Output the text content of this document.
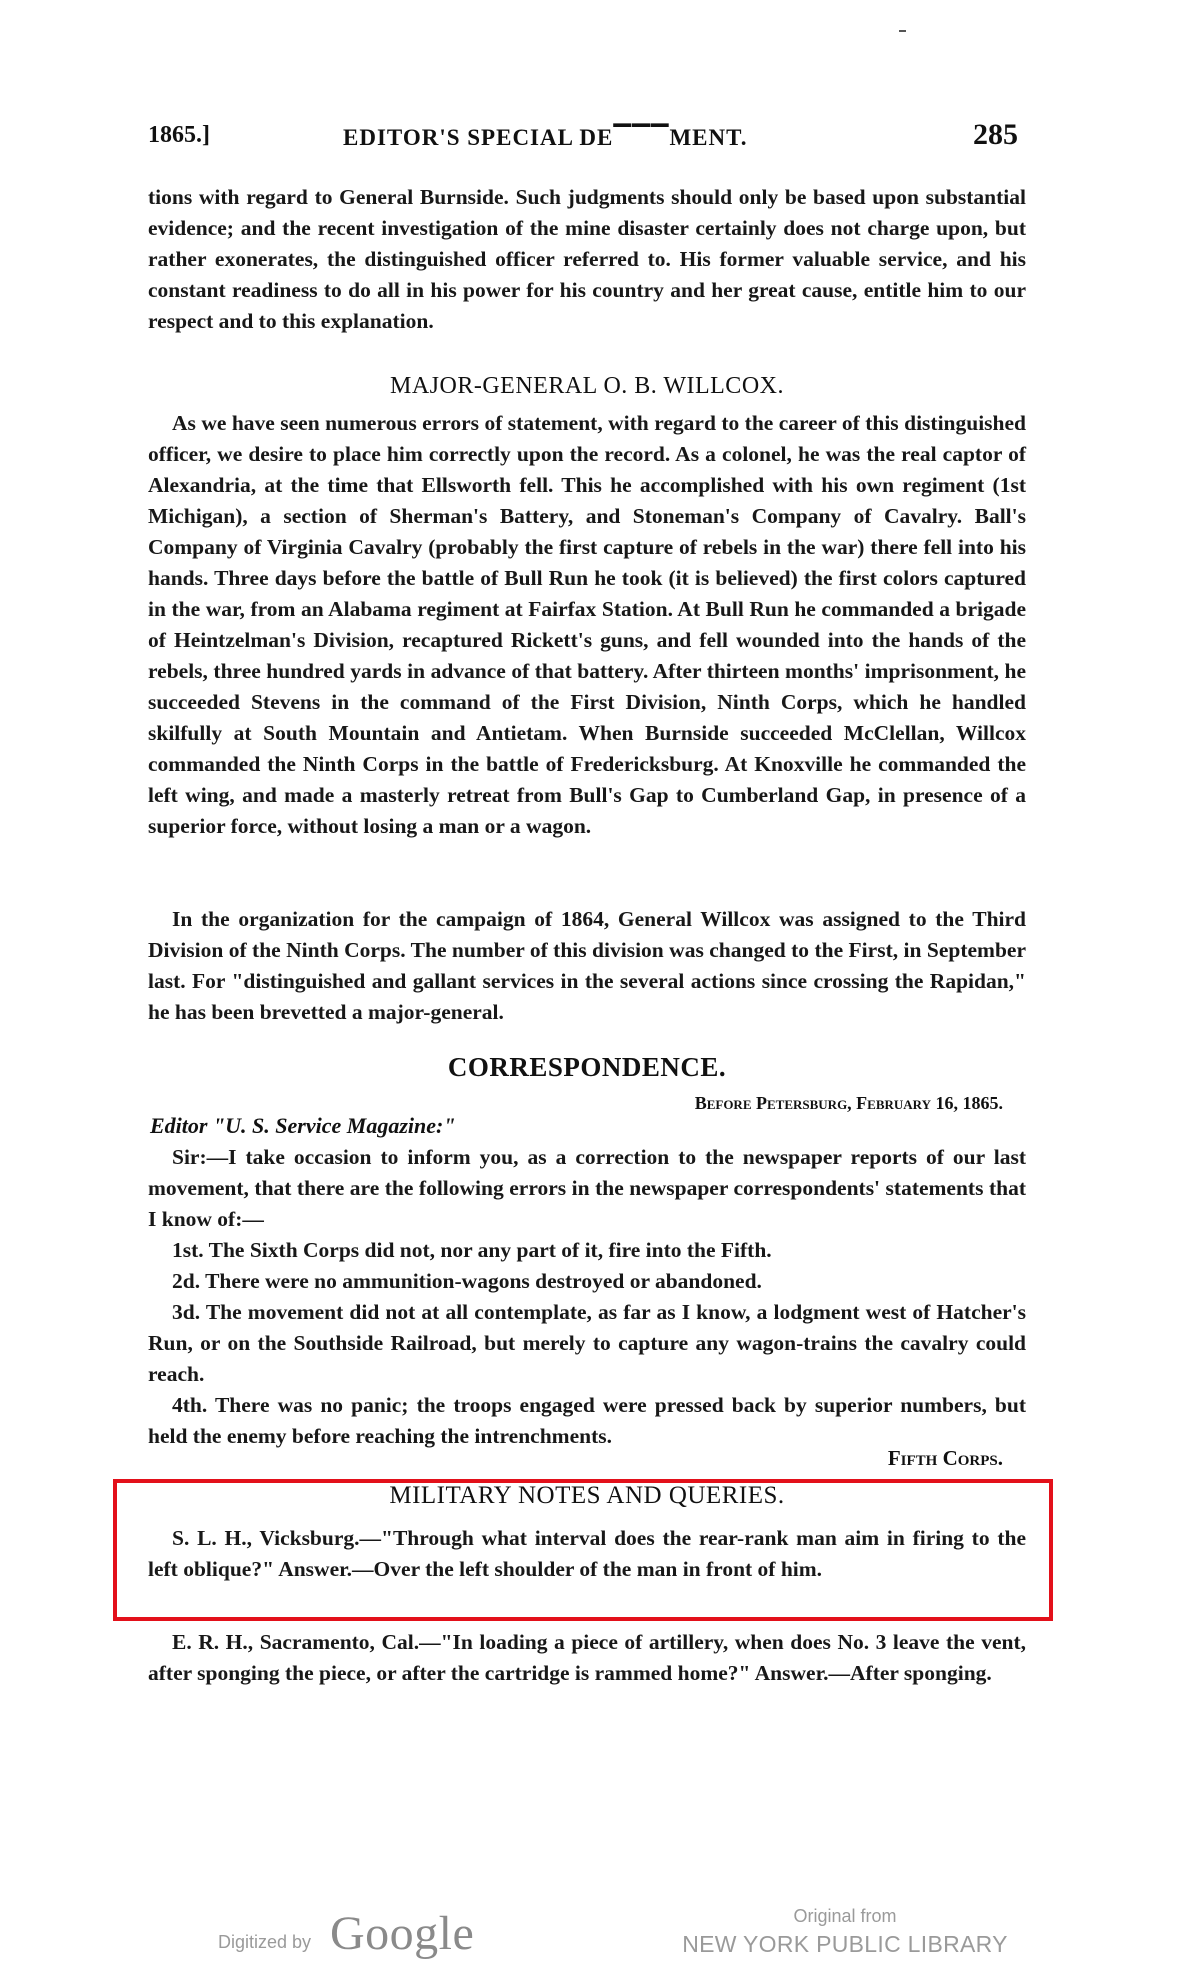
1865.]	EDITOR'S SPECIAL DE▔▔▔MENT.	285
tions with regard to General Burnside. Such judgments should only be based upon substantial evidence; and the recent investigation of the mine disaster certainly does not charge upon, but rather exonerates, the distinguished officer referred to. His former valuable service, and his constant readiness to do all in his power for his country and her great cause, entitle him to our respect and to this explanation.
MAJOR-GENERAL O. B. WILLCOX.
As we have seen numerous errors of statement, with regard to the career of this distinguished officer, we desire to place him correctly upon the record. As a colonel, he was the real captor of Alexandria, at the time that Ellsworth fell. This he accomplished with his own regiment (1st Michigan), a section of Sherman's Battery, and Stoneman's Company of Cavalry. Ball's Company of Virginia Cavalry (probably the first capture of rebels in the war) there fell into his hands. Three days before the battle of Bull Run he took (it is believed) the first colors captured in the war, from an Alabama regiment at Fairfax Station. At Bull Run he commanded a brigade of Heintzelman's Division, recaptured Rickett's guns, and fell wounded into the hands of the rebels, three hundred yards in advance of that battery. After thirteen months' imprisonment, he succeeded Stevens in the command of the First Division, Ninth Corps, which he handled skilfully at South Mountain and Antietam. When Burnside succeeded McClellan, Willcox commanded the Ninth Corps in the battle of Fredericksburg. At Knoxville he commanded the left wing, and made a masterly retreat from Bull's Gap to Cumberland Gap, in presence of a superior force, without losing a man or a wagon.
In the organization for the campaign of 1864, General Willcox was assigned to the Third Division of the Ninth Corps. The number of this division was changed to the First, in September last. For "distinguished and gallant services in the several actions since crossing the Rapidan," he has been brevetted a major-general.
CORRESPONDENCE.
Before Petersburg, February 16, 1865.
Editor "U. S. Service Magazine:"
Sir:—I take occasion to inform you, as a correction to the newspaper reports of our last movement, that there are the following errors in the newspaper correspondents' statements that I know of:—
1st. The Sixth Corps did not, nor any part of it, fire into the Fifth.
2d. There were no ammunition-wagons destroyed or abandoned.
3d. The movement did not at all contemplate, as far as I know, a lodgment west of Hatcher's Run, or on the Southside Railroad, but merely to capture any wagon-trains the cavalry could reach.
4th. There was no panic; the troops engaged were pressed back by superior numbers, but held the enemy before reaching the intrenchments.
Fifth Corps.
MILITARY NOTES AND QUERIES.
S. L. H., Vicksburg.—"Through what interval does the rear-rank man aim in firing to the left oblique?" Answer.—Over the left shoulder of the man in front of him.
E. R. H., Sacramento, Cal.—"In loading a piece of artillery, when does No. 3 leave the vent, after sponging the piece, or after the cartridge is rammed home?" Answer.—After sponging.
Digitized by Google	Original from
NEW YORK PUBLIC LIBRARY
